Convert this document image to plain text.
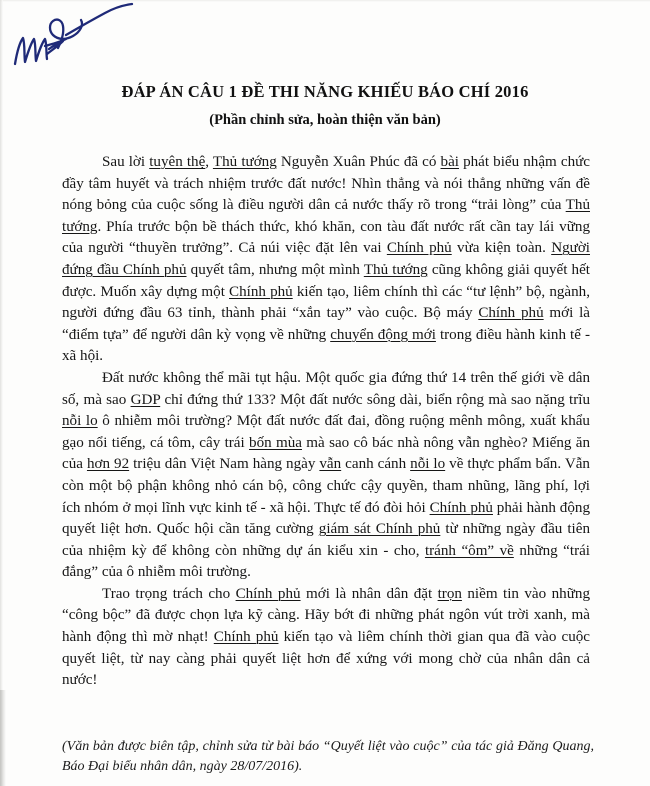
ĐÁP ÁN CÂU 1 ĐỀ THI NĂNG KHIẾU BÁO CHÍ 2016
(Phần chỉnh sửa, hoàn thiện văn bản)

Sau lời tuyên thệ, Thủ tướng Nguyễn Xuân Phúc đã có bài phát biểu nhậm chức đầy tâm huyết và trách nhiệm trước đất nước! Nhìn thẳng và nói thẳng những vấn đề nóng bỏng của cuộc sống là điều người dân cả nước thấy rõ trong “trải lòng” của Thủ tướng. Phía trước bộn bề thách thức, khó khăn, con tàu đất nước rất cần tay lái vững của người “thuyền trưởng”. Cả núi việc đặt lên vai Chính phủ vừa kiện toàn. Người đứng đầu Chính phủ quyết tâm, nhưng một mình Thủ tướng cũng không giải quyết hết được. Muốn xây dựng một Chính phủ kiến tạo, liêm chính thì các “tư lệnh” bộ, ngành, người đứng đầu 63 tỉnh, thành phải “xắn tay” vào cuộc. Bộ máy Chính phủ mới là “điểm tựa” để người dân kỳ vọng về những chuyển động mới trong điều hành kinh tế - xã hội.

Đất nước không thể mãi tụt hậu. Một quốc gia đứng thứ 14 trên thế giới về dân số, mà sao GDP chỉ đứng thứ 133? Một đất nước sông dài, biển rộng mà sao nặng trĩu nỗi lo ô nhiễm môi trường? Một đất nước đất đai, đồng ruộng mênh mông, xuất khẩu gạo nổi tiếng, cá tôm, cây trái bốn mùa mà sao cô bác nhà nông vẫn nghèo? Miếng ăn của hơn 92 triệu dân Việt Nam hàng ngày vẫn canh cánh nỗi lo về thực phẩm bẩn. Vẫn còn một bộ phận không nhỏ cán bộ, công chức cậy quyền, tham nhũng, lãng phí, lợi ích nhóm ở mọi lĩnh vực kinh tế - xã hội. Thực tế đó đòi hỏi Chính phủ phải hành động quyết liệt hơn. Quốc hội cần tăng cường giám sát Chính phủ từ những ngày đầu tiên của nhiệm kỳ để không còn những dự án kiểu xin - cho, tránh “ôm” về những “trái đắng” của ô nhiễm môi trường.

Trao trọng trách cho Chính phủ mới là nhân dân đặt trọn niềm tin vào những “công bộc” đã được chọn lựa kỹ càng. Hãy bớt đi những phát ngôn vút trời xanh, mà hành động thì mờ nhạt! Chính phủ kiến tạo và liêm chính thời gian qua đã vào cuộc quyết liệt, từ nay càng phải quyết liệt hơn để xứng với mong chờ của nhân dân cả nước!

(Văn bản được biên tập, chỉnh sửa từ bài báo “Quyết liệt vào cuộc” của tác giả Đăng Quang, Báo Đại biểu nhân dân, ngày 28/07/2016).
